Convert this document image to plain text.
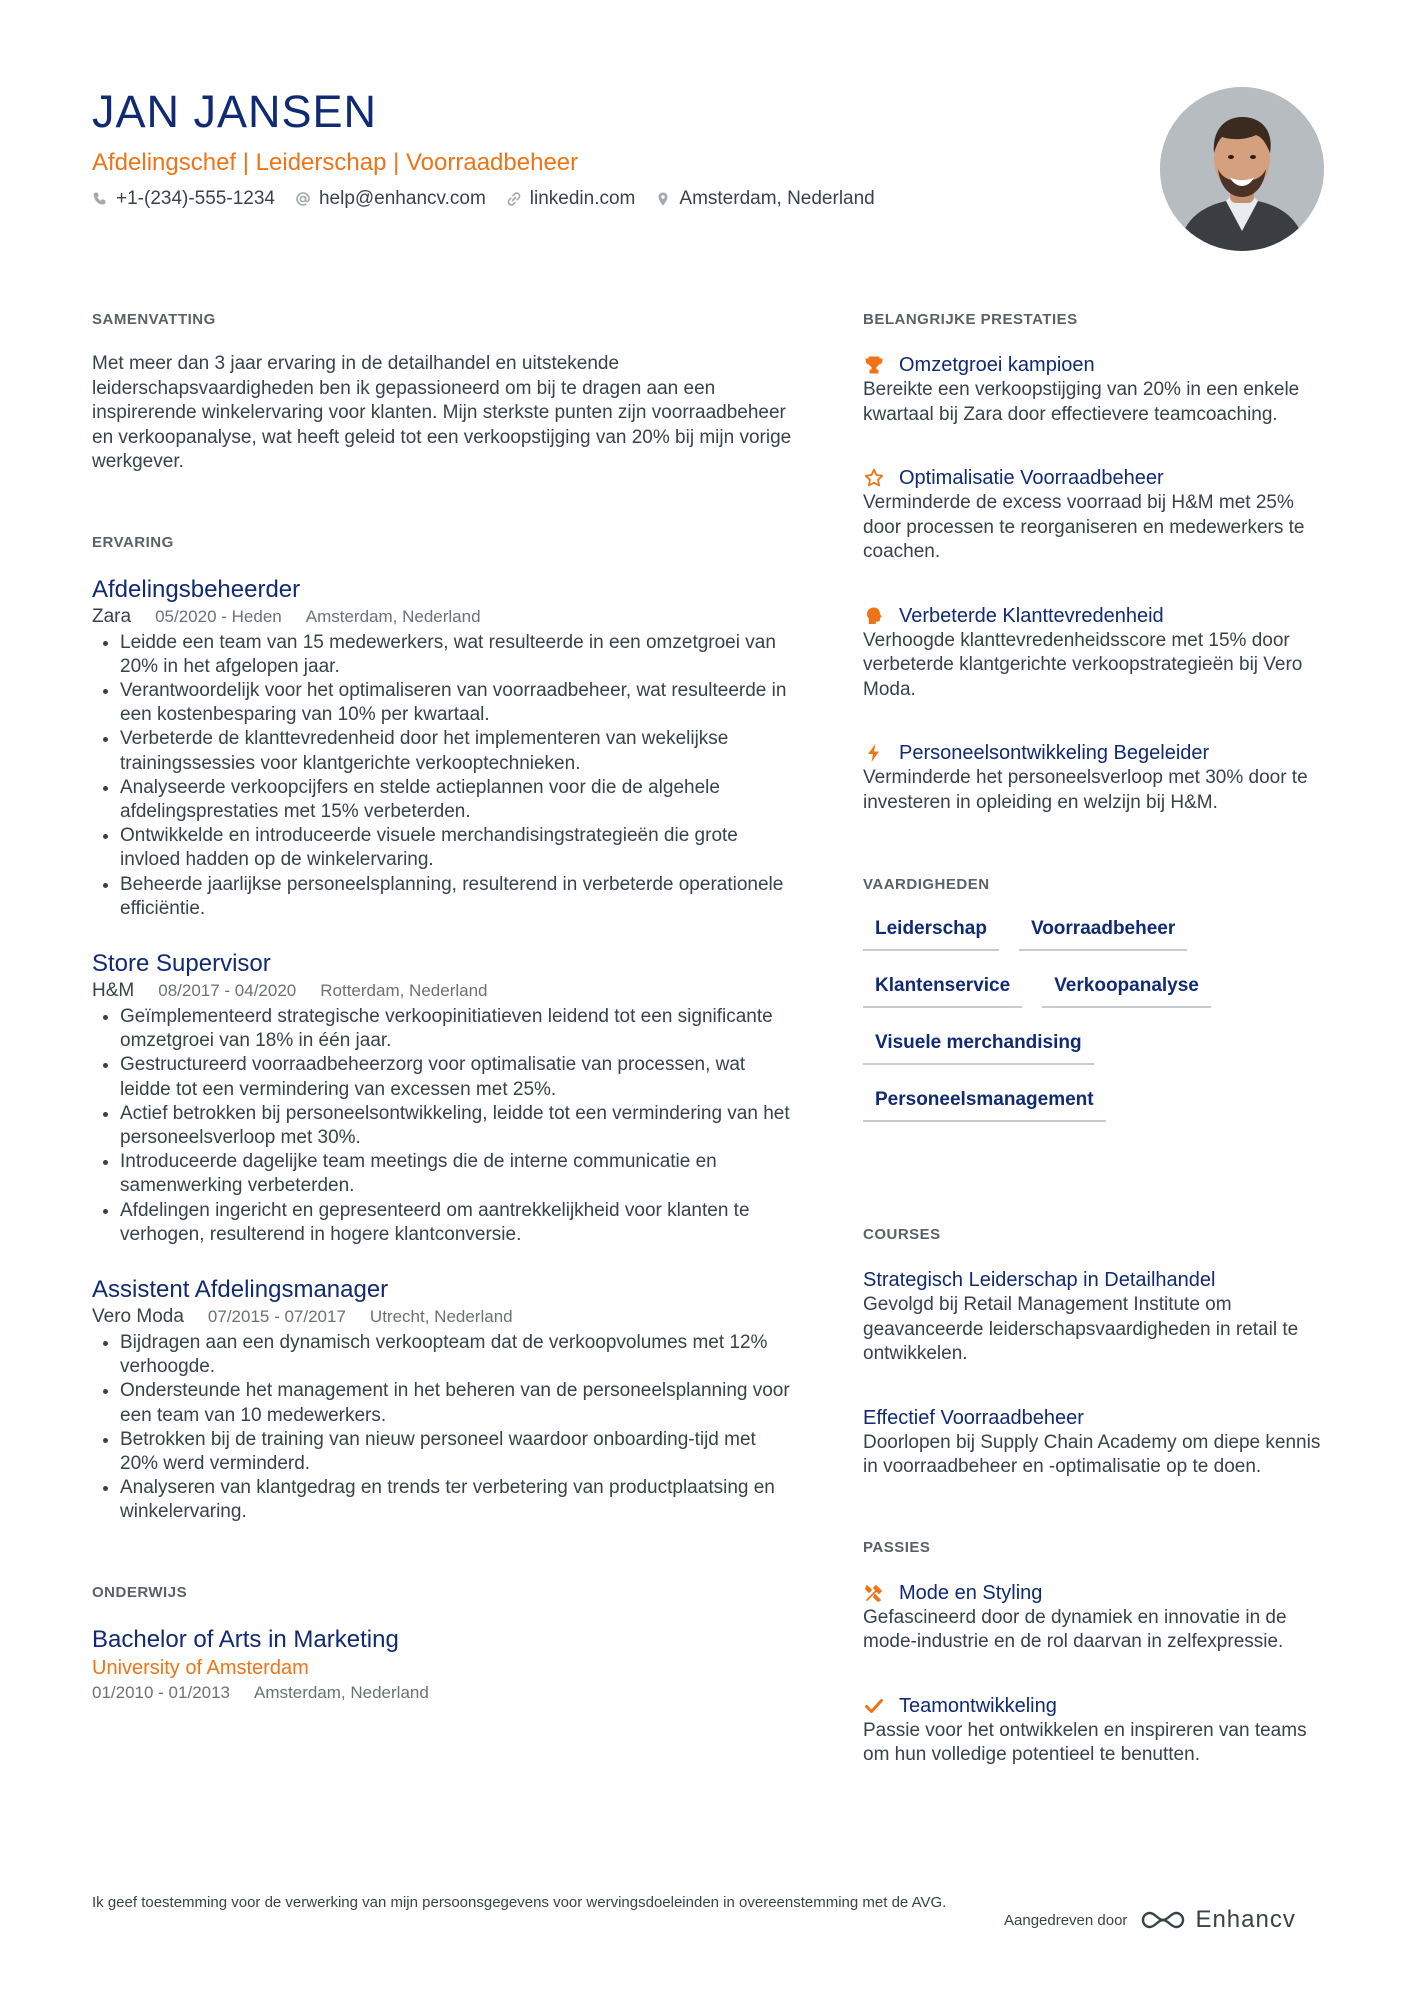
JAN JANSEN
Afdelingschef | Leiderschap | Voorraadbeheer
+1-(234)-555-1234 help@enhancv.com linkedin.com Amsterdam, Nederland
SAMENVATTING
Met meer dan 3 jaar ervaring in de detailhandel en uitstekende leiderschapsvaardigheden ben ik gepassioneerd om bij te dragen aan een inspirerende winkelervaring voor klanten. Mijn sterkste punten zijn voorraadbeheer en verkoopanalyse, wat heeft geleid tot een verkoopstijging van 20% bij mijn vorige werkgever.
ERVARING
Afdelingsbeheerder
Zara 05/2020 - Heden Amsterdam, Nederland
• Leidde een team van 15 medewerkers, wat resulteerde in een omzetgroei van 20% in het afgelopen jaar.
• Verantwoordelijk voor het optimaliseren van voorraadbeheer, wat resulteerde in een kostenbesparing van 10% per kwartaal.
• Verbeterde de klanttevredenheid door het implementeren van wekelijkse trainingssessies voor klantgerichte verkooptechnieken.
• Analyseerde verkoopcijfers en stelde actieplannen voor die de algehele afdelingsprestaties met 15% verbeterden.
• Ontwikkelde en introduceerde visuele merchandisingstrategieën die grote invloed hadden op de winkelervaring.
• Beheerde jaarlijkse personeelsplanning, resulterend in verbeterde operationele efficiëntie.
Store Supervisor
H&M 08/2017 - 04/2020 Rotterdam, Nederland
• Geïmplementeerd strategische verkoopinitiatieven leidend tot een significante omzetgroei van 18% in één jaar.
• Gestructureerd voorraadbeheerzorg voor optimalisatie van processen, wat leidde tot een vermindering van excessen met 25%.
• Actief betrokken bij personeelsontwikkeling, leidde tot een vermindering van het personeelsverloop met 30%.
• Introduceerde dagelijke team meetings die de interne communicatie en samenwerking verbeterden.
• Afdelingen ingericht en gepresenteerd om aantrekkelijkheid voor klanten te verhogen, resulterend in hogere klantconversie.
Assistent Afdelingsmanager
Vero Moda 07/2015 - 07/2017 Utrecht, Nederland
• Bijdragen aan een dynamisch verkoopteam dat de verkoopvolumes met 12% verhoogde.
• Ondersteunde het management in het beheren van de personeelsplanning voor een team van 10 medewerkers.
• Betrokken bij de training van nieuw personeel waardoor onboarding-tijd met 20% werd verminderd.
• Analyseren van klantgedrag en trends ter verbetering van productplaatsing en winkelervaring.
ONDERWIJS
Bachelor of Arts in Marketing
University of Amsterdam
01/2010 - 01/2013 Amsterdam, Nederland
BELANGRIJKE PRESTATIES
Omzetgroei kampioen
Bereikte een verkoopstijging van 20% in een enkele kwartaal bij Zara door effectievere teamcoaching.
Optimalisatie Voorraadbeheer
Verminderde de excess voorraad bij H&M met 25% door processen te reorganiseren en medewerkers te coachen.
Verbeterde Klanttevredenheid
Verhoogde klanttevredenheidsscore met 15% door verbeterde klantgerichte verkoopstrategieën bij Vero Moda.
Personeelsontwikkeling Begeleider
Verminderde het personeelsverloop met 30% door te investeren in opleiding en welzijn bij H&M.
VAARDIGHEDEN
Leiderschap	Voorraadbeheer
Klantenservice	Verkoopanalyse
Visuele merchandising
Personeelsmanagement
COURSES
Strategisch Leiderschap in Detailhandel
Gevolgd bij Retail Management Institute om geavanceerde leiderschapsvaardigheden in retail te ontwikkelen.
Effectief Voorraadbeheer
Doorlopen bij Supply Chain Academy om diepe kennis in voorraadbeheer en -optimalisatie op te doen.
PASSIES
Mode en Styling
Gefascineerd door de dynamiek en innovatie in de mode-industrie en de rol daarvan in zelfexpressie.
Teamontwikkeling
Passie voor het ontwikkelen en inspireren van teams om hun volledige potentieel te benutten.
Ik geef toestemming voor de verwerking van mijn persoonsgegevens voor wervingsdoeleinden in overeenstemming met de AVG.
Aangedreven door	Enhancv
